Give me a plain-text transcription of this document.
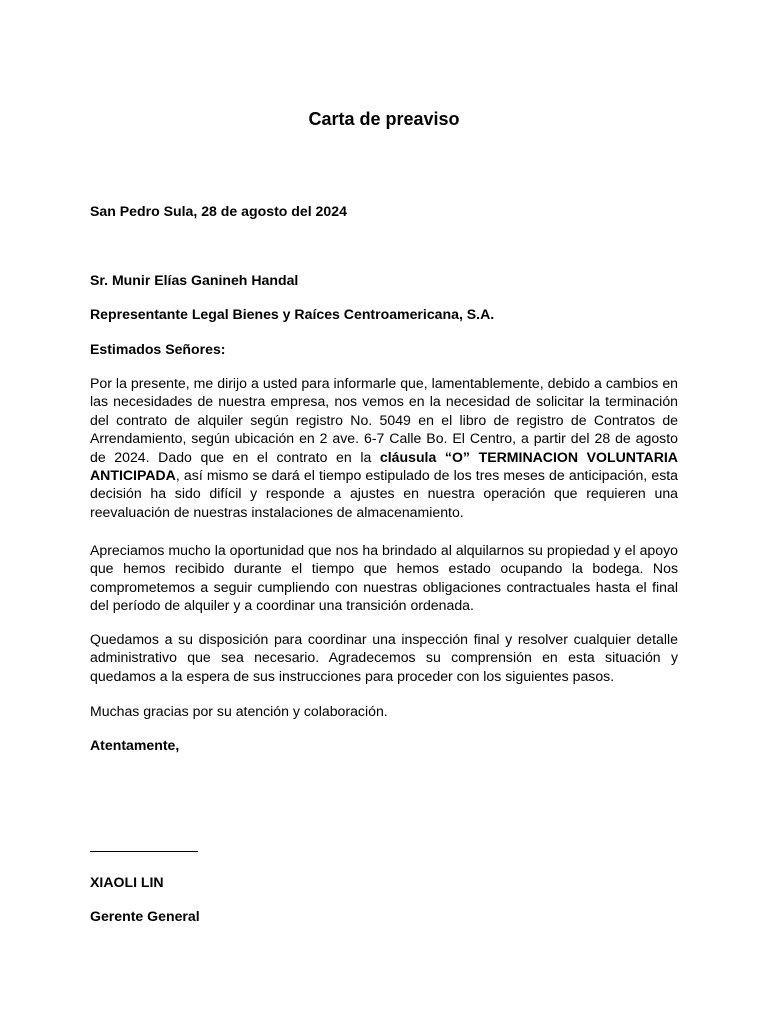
Carta de preaviso

San Pedro Sula, 28 de agosto del 2024

Sr. Munir Elías Ganineh Handal

Representante Legal Bienes y Raíces Centroamericana, S.A.

Estimados Señores:

Por la presente, me dirijo a usted para informarle que, lamentablemente, debido a cambios en las necesidades de nuestra empresa, nos vemos en la necesidad de solicitar la terminación del contrato de alquiler según registro No. 5049 en el libro de registro de Contratos de Arrendamiento, según ubicación en 2 ave. 6-7 Calle Bo. El Centro, a partir del 28 de agosto de 2024. Dado que en el contrato en la cláusula “O” TERMINACION VOLUNTARIA ANTICIPADA, así mismo se dará el tiempo estipulado de los tres meses de anticipación, esta decisión ha sido difícil y responde a ajustes en nuestra operación que requieren una reevaluación de nuestras instalaciones de almacenamiento.

Apreciamos mucho la oportunidad que nos ha brindado al alquilarnos su propiedad y el apoyo que hemos recibido durante el tiempo que hemos estado ocupando la bodega. Nos comprometemos a seguir cumpliendo con nuestras obligaciones contractuales hasta el final del período de alquiler y a coordinar una transición ordenada.

Quedamos a su disposición para coordinar una inspección final y resolver cualquier detalle administrativo que sea necesario. Agradecemos su comprensión en esta situación y quedamos a la espera de sus instrucciones para proceder con los siguientes pasos.

Muchas gracias por su atención y colaboración.

Atentamente,

XIAOLI LIN

Gerente General
